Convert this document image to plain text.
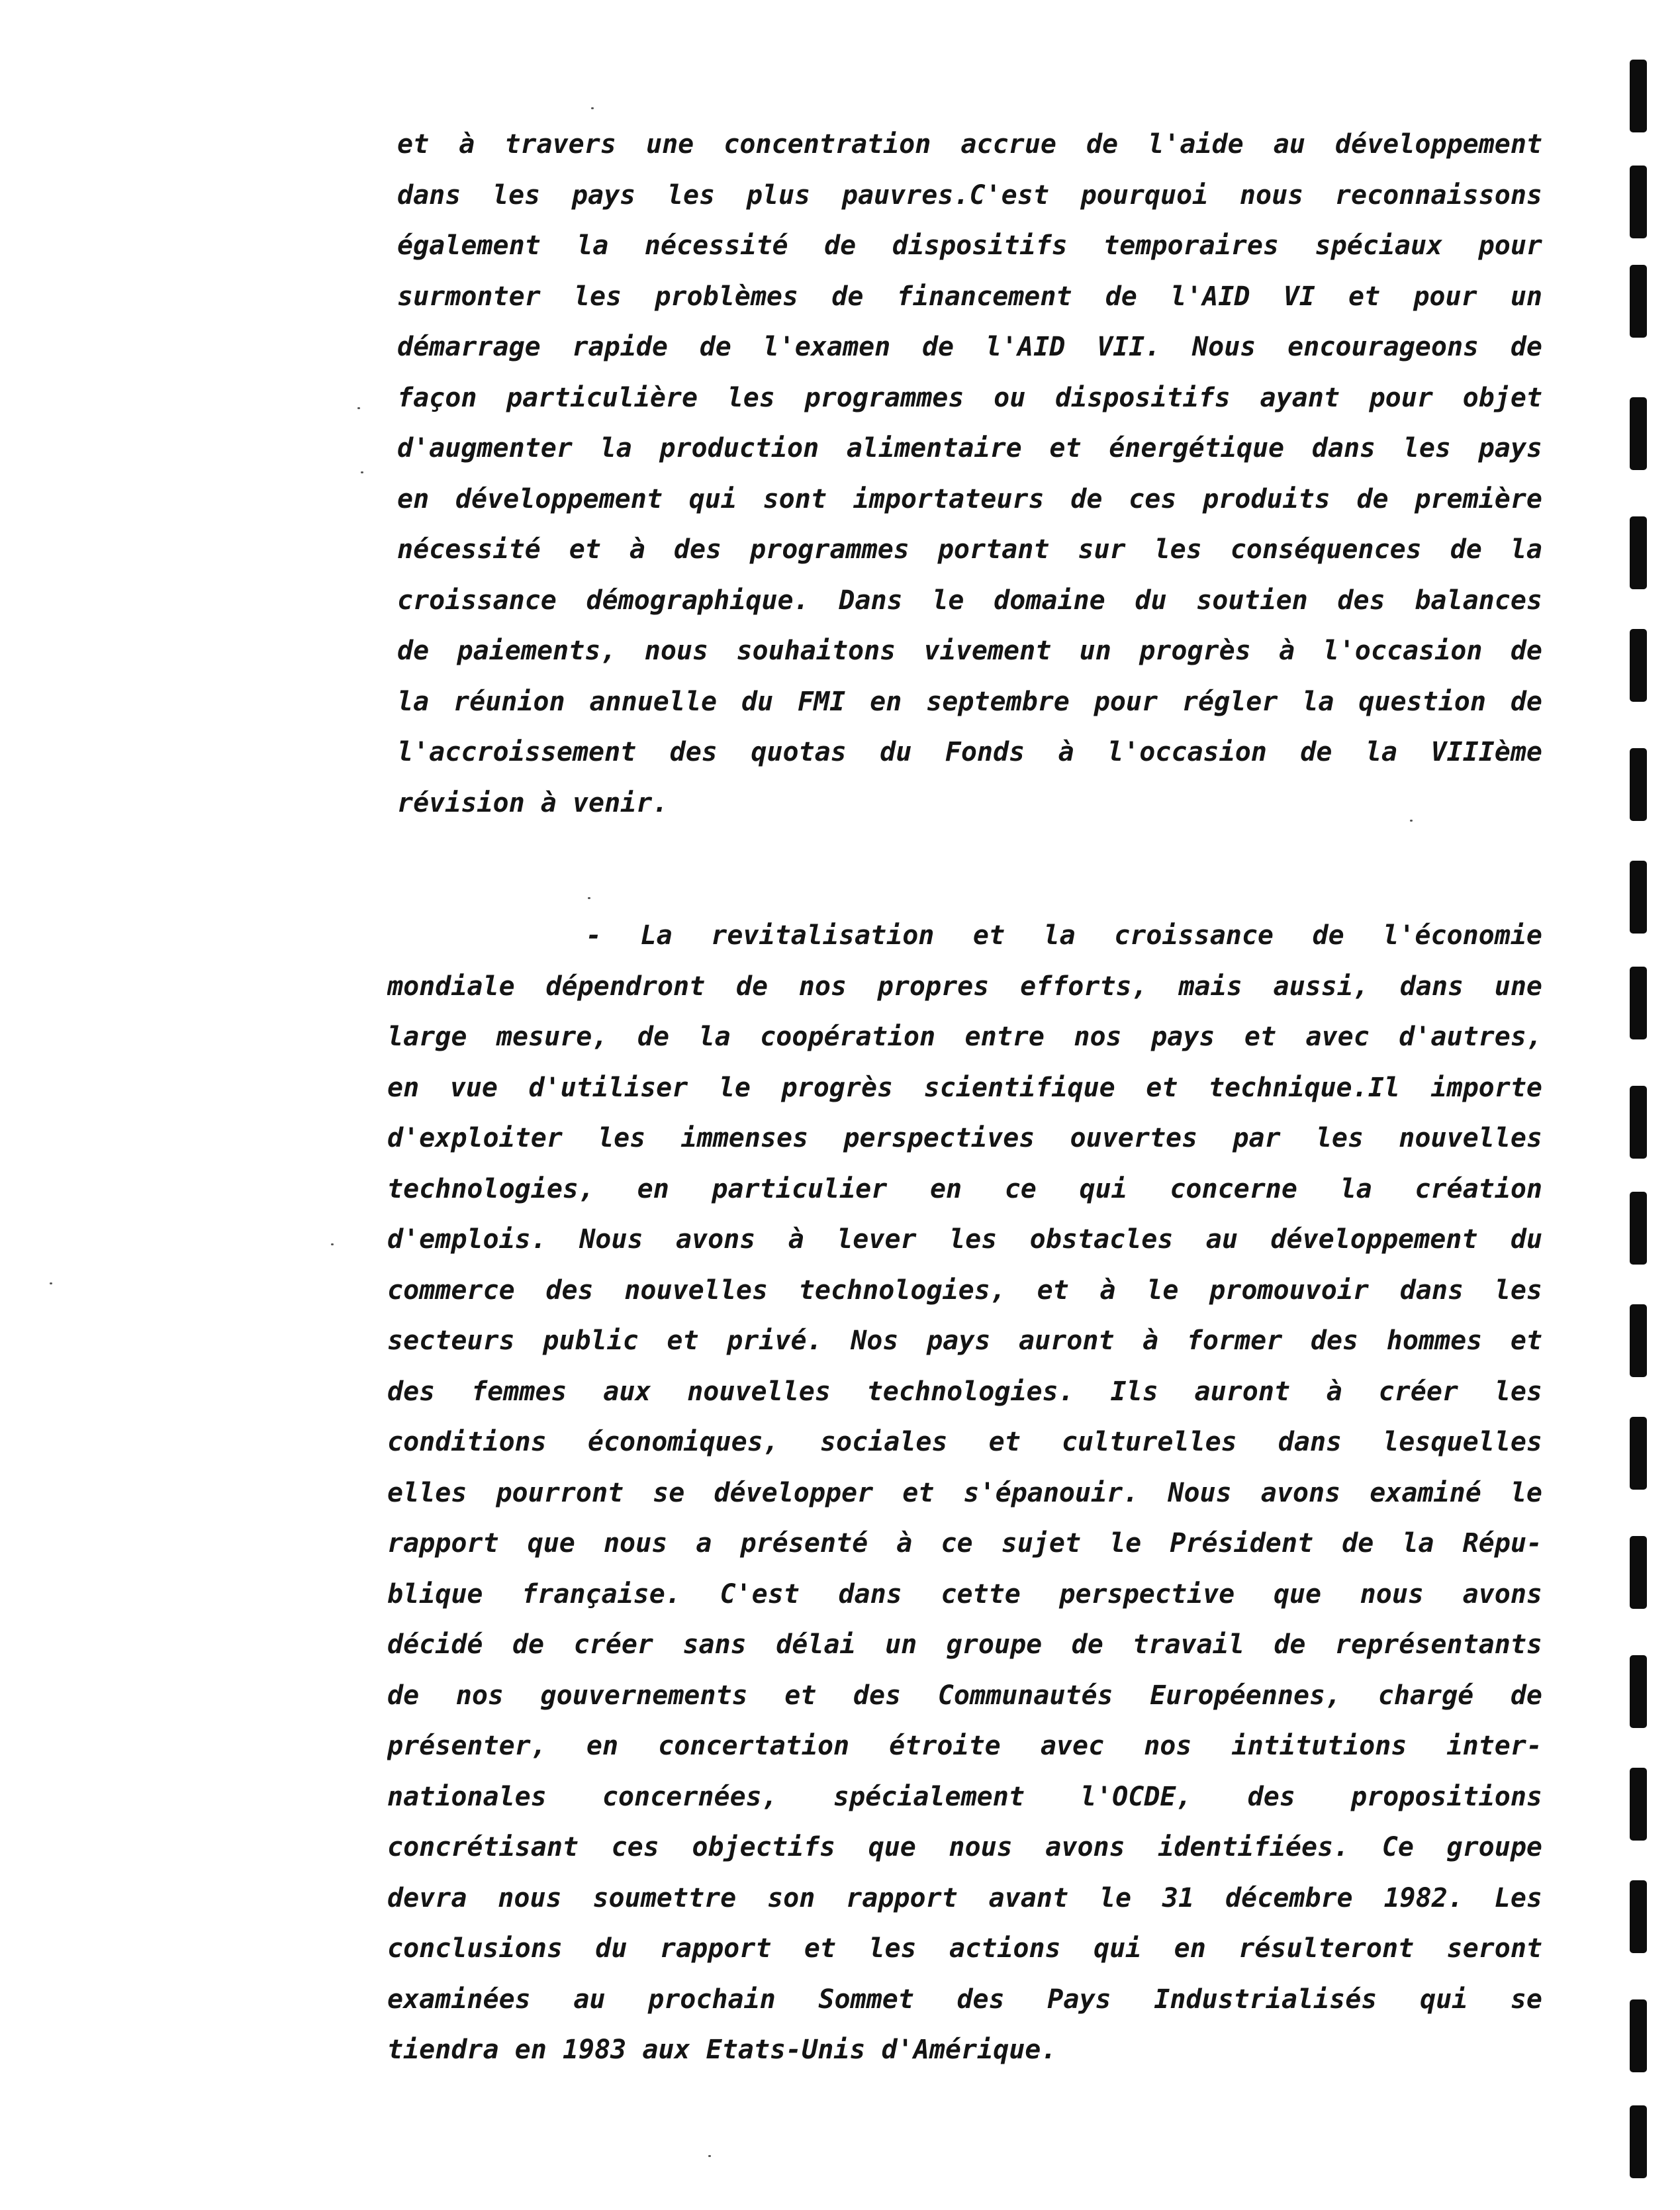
et à travers une concentration accrue de l'aide au développement
dans les pays les plus pauvres.C'est pourquoi nous reconnaissons
également la nécessité de dispositifs temporaires spéciaux pour
surmonter les problèmes de financement de l'AID VI et pour un
démarrage rapide de l'examen de l'AID VII. Nous encourageons de
façon particulière les programmes ou dispositifs ayant pour objet
d'augmenter la production alimentaire et énergétique dans les pays
en développement qui sont importateurs de ces produits de première
nécessité et à des programmes portant sur les conséquences de la
croissance démographique. Dans le domaine du soutien des balances
de paiements, nous souhaitons vivement un progrès à l'occasion de
la réunion annuelle du FMI en septembre pour régler la question de
l'accroissement des quotas du Fonds à l'occasion de la VIIIème
révision à venir.
- La revitalisation et la croissance de l'économie
mondiale dépendront de nos propres efforts, mais aussi, dans une
large mesure, de la coopération entre nos pays et avec d'autres,
en vue d'utiliser le progrès scientifique et technique.Il importe
d'exploiter les immenses perspectives ouvertes par les nouvelles
technologies, en particulier en ce qui concerne la création
d'emplois. Nous avons à lever les obstacles au développement du
commerce des nouvelles technologies, et à le promouvoir dans les
secteurs public et privé. Nos pays auront à former des hommes et
des femmes aux nouvelles technologies. Ils auront à créer les
conditions économiques, sociales et culturelles dans lesquelles
elles pourront se développer et s'épanouir. Nous avons examiné le
rapport que nous a présenté à ce sujet le Président de la Répu-
blique française. C'est dans cette perspective que nous avons
décidé de créer sans délai un groupe de travail de représentants
de nos gouvernements et des Communautés Européennes, chargé de
présenter, en concertation étroite avec nos intitutions inter-
nationales concernées, spécialement l'OCDE, des propositions
concrétisant ces objectifs que nous avons identifiées. Ce groupe
devra nous soumettre son rapport avant le 31 décembre 1982. Les
conclusions du rapport et les actions qui en résulteront seront
examinées au prochain Sommet des Pays Industrialisés qui se
tiendra en 1983 aux Etats-Unis d'Amérique.
